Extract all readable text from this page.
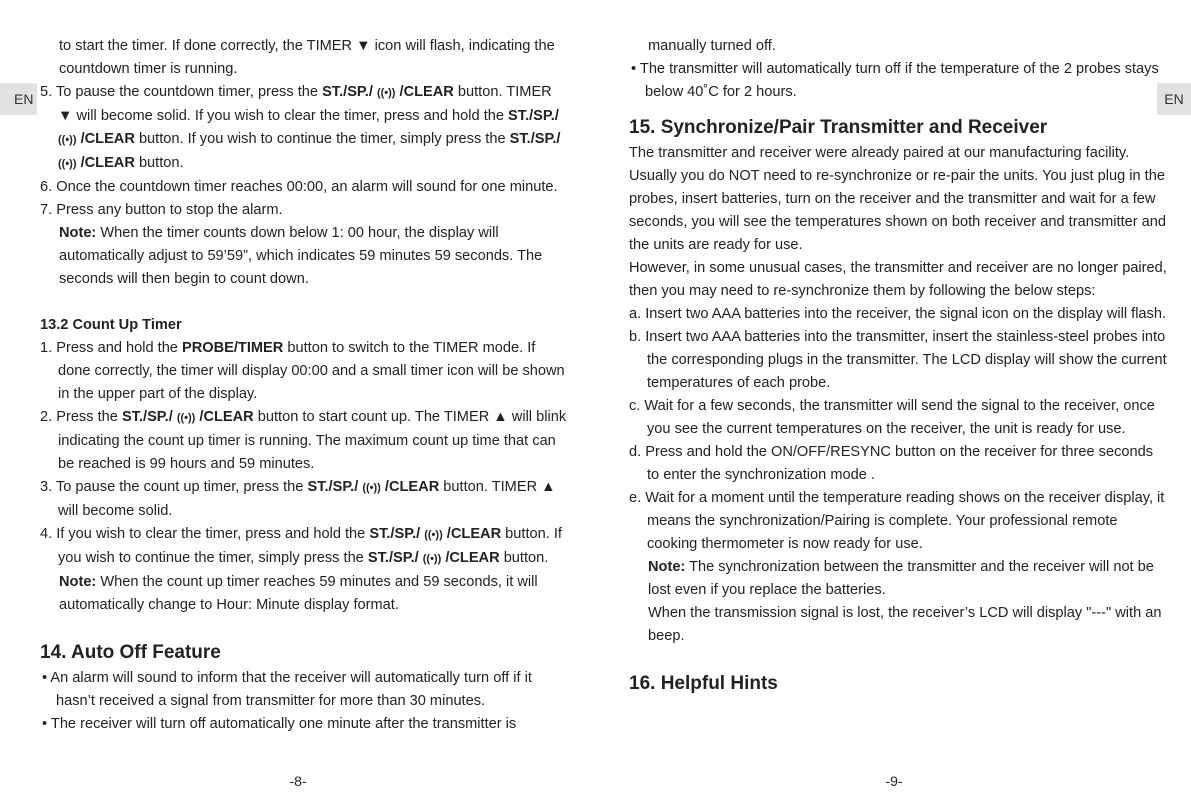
EN

to start the timer. If done correctly, the TIMER ▼ icon will flash, indicating the countdown timer is running.

5. To pause the countdown timer, press the ST./SP./ ((•)) /CLEAR button. TIMER ▼ will become solid. If you wish to clear the timer, press and hold the ST./SP./ ((•)) /CLEAR button. If you wish to continue the timer, simply press the ST./SP./ ((•)) /CLEAR button.

6. Once the countdown timer reaches 00:00, an alarm will sound for one minute.

7. Press any button to stop the alarm.

Note: When the timer counts down below 1: 00 hour, the display will automatically adjust to 59’59”, which indicates 59 minutes 59 seconds. The seconds will then begin to count down.

13.2 Count Up Timer

1. Press and hold the PROBE/TIMER button to switch to the TIMER mode. If done correctly, the timer will display 00:00 and a small timer icon will be shown in the upper part of the display.

2. Press the ST./SP./ ((•)) /CLEAR button to start count up. The TIMER ▲ will blink indicating the count up timer is running. The maximum count up time that can be reached is 99 hours and 59 minutes.

3. To pause the count up timer, press the ST./SP./ ((•)) /CLEAR button. TIMER ▲ will become solid.

4. If you wish to clear the timer, press and hold the ST./SP./ ((•)) /CLEAR button. If you wish to continue the timer, simply press the ST./SP./ ((•)) /CLEAR button.

Note: When the count up timer reaches 59 minutes and 59 seconds, it will automatically change to Hour: Minute display format.

14. Auto Off Feature

• An alarm will sound to inform that the receiver will automatically turn off if it hasn’t received a signal from transmitter for more than 30 minutes.

• The receiver will turn off automatically one minute after the transmitter is

-8-
EN

manually turned off.

• The transmitter will automatically turn off if the temperature of the 2 probes stays below 40˚C for 2 hours.

15. Synchronize/Pair Transmitter and Receiver

The transmitter and receiver were already paired at our manufacturing facility. Usually you do NOT need to re-synchronize or re-pair the units. You just plug in the probes, insert batteries, turn on the receiver and the transmitter and wait for a few seconds, you will see the temperatures shown on both receiver and transmitter and the units are ready for use.

However, in some unusual cases, the transmitter and receiver are no longer paired, then you may need to re-synchronize them by following the below steps:

a. Insert two AAA batteries into the receiver, the signal icon on the display will flash.

b. Insert two AAA batteries into the transmitter, insert the stainless-steel probes into the corresponding plugs in the transmitter. The LCD display will show the current temperatures of each probe.

c. Wait for a few seconds, the transmitter will send the signal to the receiver, once you see the current temperatures on the receiver, the unit is ready for use.

d. Press and hold the ON/OFF/RESYNC button on the receiver for three seconds to enter the synchronization mode .

e. Wait for a moment until the temperature reading shows on the receiver display, it means the synchronization/Pairing is complete. Your professional remote cooking thermometer is now ready for use.

Note: The synchronization between the transmitter and the receiver will not be lost even if you replace the batteries.

When the transmission signal is lost, the receiver’s LCD will display "---" with an beep.

16. Helpful Hints

-9-
